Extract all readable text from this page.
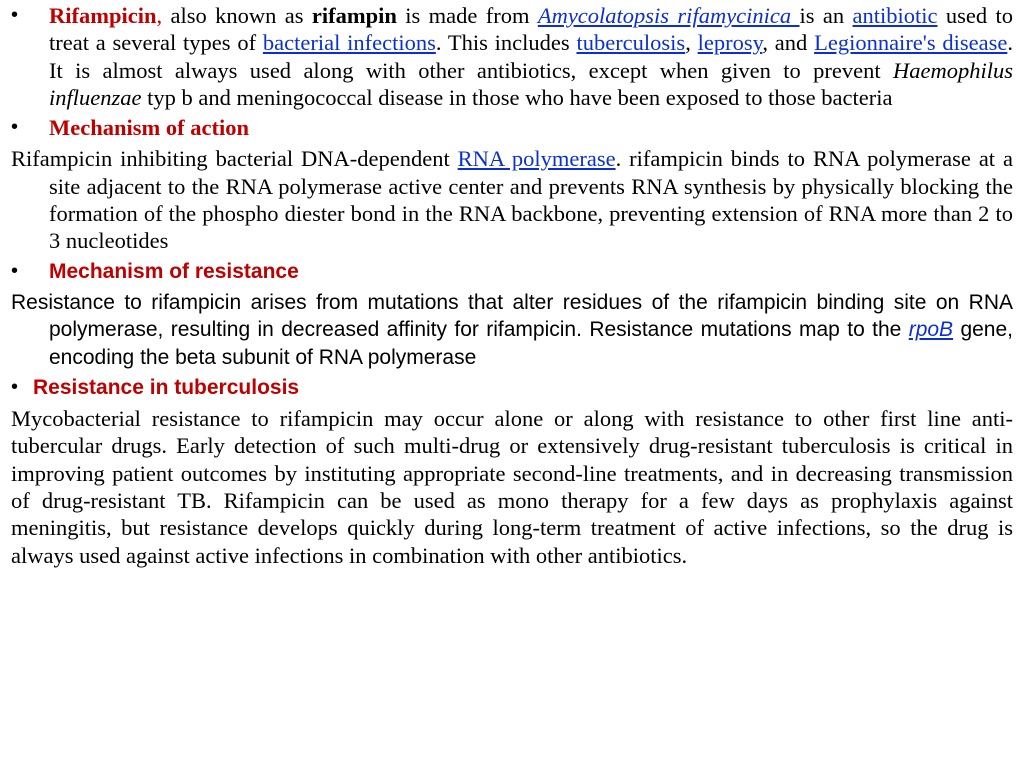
•	Rifampicin, also known as rifampin is made from Amycolatopsis rifamycinica is an antibiotic used to treat a several types of bacterial infections. This includes tuberculosis, leprosy, and Legionnaire's disease. It is almost always used along with other antibiotics, except when given to prevent Haemophilus influenzae typ b and meningococcal disease in those who have been exposed to those bacteria

•	Mechanism of action

Rifampicin inhibiting bacterial DNA-dependent RNA polymerase. rifampicin binds to RNA polymerase at a site adjacent to the RNA polymerase active center and prevents RNA synthesis by physically blocking the formation of the phospho diester bond in the RNA backbone, preventing extension of RNA more than 2 to 3 nucleotides

•	Mechanism of resistance

Resistance to rifampicin arises from mutations that alter residues of the rifampicin binding site on RNA polymerase, resulting in decreased affinity for rifampicin. Resistance mutations map to the rpoB gene, encoding the beta subunit of RNA polymerase

• Resistance in tuberculosis

Mycobacterial resistance to rifampicin may occur alone or along with resistance to other first line anti-tubercular drugs. Early detection of such multi-drug or extensively drug-resistant tuberculosis is critical in improving patient outcomes by instituting appropriate second-line treatments, and in decreasing transmission of drug-resistant TB. Rifampicin can be used as mono therapy for a few days as prophylaxis against meningitis, but resistance develops quickly during long-term treatment of active infections, so the drug is always used against active infections in combination with other antibiotics.
